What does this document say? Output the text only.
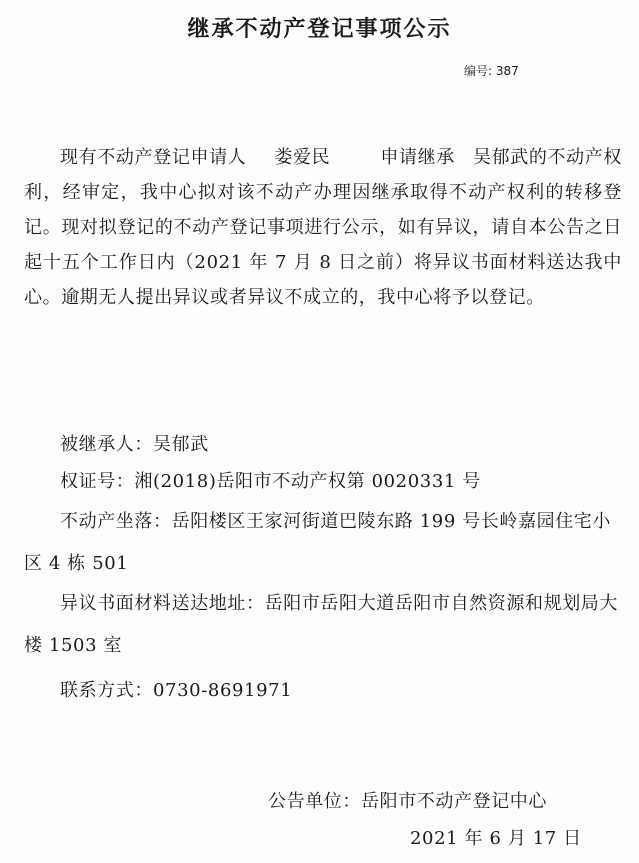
继承不动产登记事项公示
编号: 387
现有不动产登记申请人 娄爱民	申请继承 吴郁武的不动产权利，经审定，我中心拟对该不动产办理因继承取得不动产权利的转移登记。现对拟登记的不动产登记事项进行公示，如有异议，请自本公告之日起十五个工作日内（2021 年 7 月 8 日之前）将异议书面材料送达我中心。逾期无人提出异议或者异议不成立的，我中心将予以登记。
被继承人：吴郁武
权证号：湘(2018)岳阳市不动产权第 0020331 号
不动产坐落：岳阳楼区王家河街道巴陵东路 199 号长岭嘉园住宅小区 4 栋 501
异议书面材料送达地址：岳阳市岳阳大道岳阳市自然资源和规划局大楼 1503 室
联系方式：0730-8691971
公告单位：岳阳市不动产登记中心
2021 年 6 月 17 日
